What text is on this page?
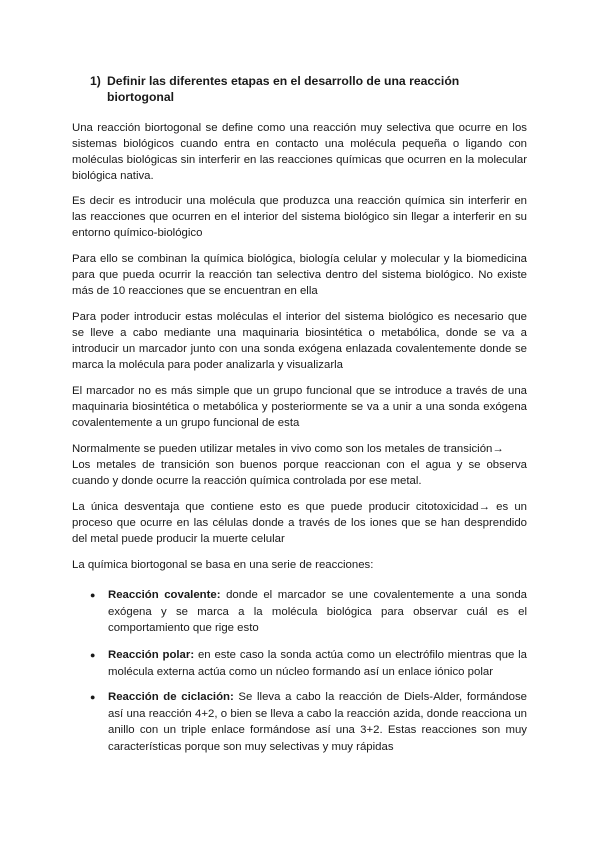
1) Definir las diferentes etapas en el desarrollo de una reacción biortogonal

Una reacción biortogonal se define como una reacción muy selectiva que ocurre en los sistemas biológicos cuando entra en contacto una molécula pequeña o ligando con moléculas biológicas sin interferir en las reacciones químicas que ocurren en la molecular biológica nativa.

Es decir es introducir una molécula que produzca una reacción química sin interferir en las reacciones que ocurren en el interior del sistema biológico sin llegar a interferir en su entorno químico-biológico

Para ello se combinan la química biológica, biología celular y molecular y la biomedicina para que pueda ocurrir la reacción tan selectiva dentro del sistema biológico. No existe más de 10 reacciones que se encuentran en ella

Para poder introducir estas moléculas el interior del sistema biológico es necesario que se lleve a cabo mediante una maquinaria biosintética o metabólica, donde se va a introducir un marcador junto con una sonda exógena enlazada covalentemente donde se marca la molécula para poder analizarla y visualizarla

El marcador no es más simple que un grupo funcional que se introduce a través de una maquinaria biosintética o metabólica y posteriormente se va a unir a una sonda exógena covalentemente a un grupo funcional de esta

Normalmente se pueden utilizar metales in vivo como son los metales de transición→

Los metales de transición son buenos porque reaccionan con el agua y se observa cuando y donde ocurre la reacción química controlada por ese metal.

La única desventaja que contiene esto es que puede producir citotoxicidad→ es un proceso que ocurre en las células donde a través de los iones que se han desprendido del metal puede producir la muerte celular

La química biortogonal se basa en una serie de reacciones:

●	Reacción covalente: donde el marcador se une covalentemente a una sonda exógena y se marca a la molécula biológica para observar cuál es el comportamiento que rige esto
●	Reacción polar: en este caso la sonda actúa como un electrófilo mientras que la molécula externa actúa como un núcleo formando así un enlace iónico polar
●	Reacción de ciclación: Se lleva a cabo la reacción de Diels-Alder, formándose así una reacción 4+2, o bien se lleva a cabo la reacción azida, donde reacciona un anillo con un triple enlace formándose así una 3+2. Estas reacciones son muy características porque son muy selectivas y muy rápidas
